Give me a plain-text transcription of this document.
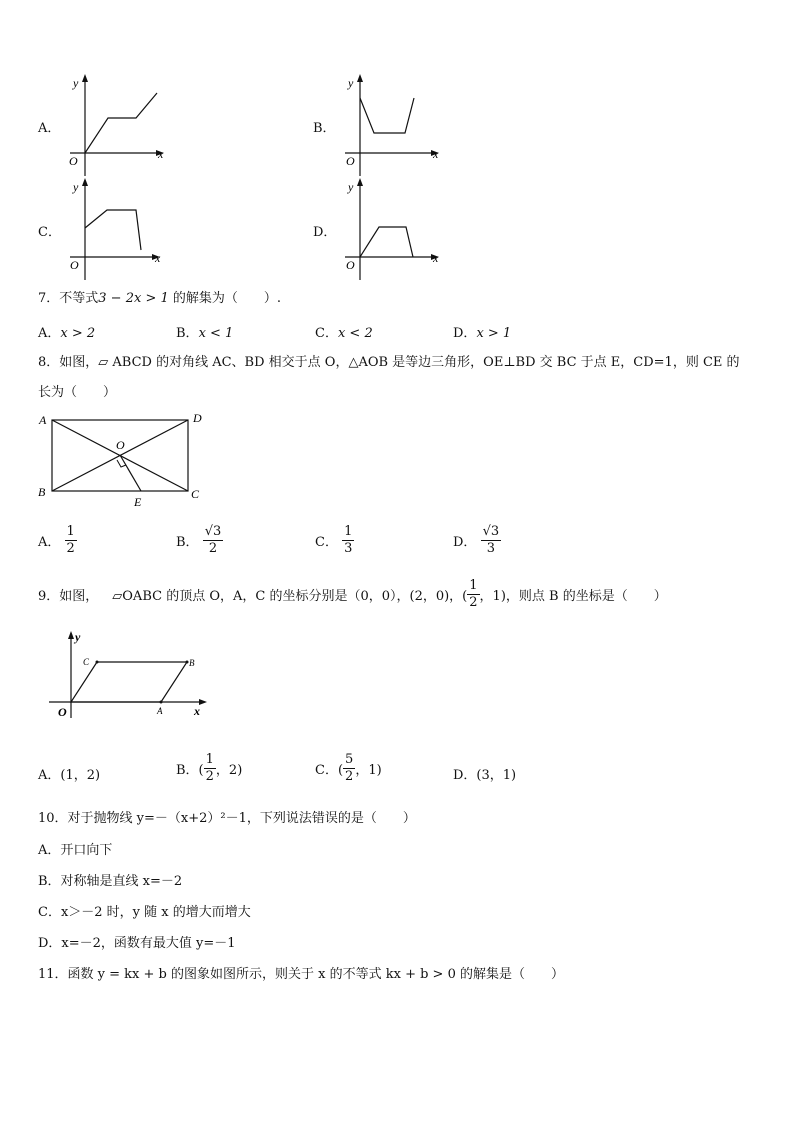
A．
y
x
O
B．
y
x
O
C．
y
x
O
D．
y
x
O
7．不等式3 − 2x > 1 的解集为（　　）.
A．x > 2	B．x < 1	C．x < 2	D．x > 1
8．如图，▱ ABCD 的对角线 AC、BD 相交于点 O，△AOB 是等边三角形，OE⊥BD 交 BC 于点 E，CD=1，则 CE 的
长为（　　）
A	D
B	C
O
E
A． $\frac{1}{2}$	B． $\frac{√3}{2}$	C． $\frac{1}{3}$	D． $\frac{√3}{3}$
9．如图， ▱OABC 的顶点 O，A，C 的坐标分别是（0，0），(2，0)，( $\frac{1}{2}$ ，1)，则点 B 的坐标是（　　）
y
x
O	A
B
C
A．(1，2)	B．( $\frac{1}{2}$ ，2)	C．( $\frac{5}{2}$ ，1)	D．(3，1)
10．对于抛物线 y=－（x+2）²－1，下列说法错误的是（　　）
A．开口向下
B．对称轴是直线 x=－2
C．x＞－2 时，y 随 x 的增大而增大
D．x=－2，函数有最大值 y=－1
11．函数 y = kx + b 的图象如图所示，则关于 x 的不等式 kx + b > 0 的解集是（　　）
